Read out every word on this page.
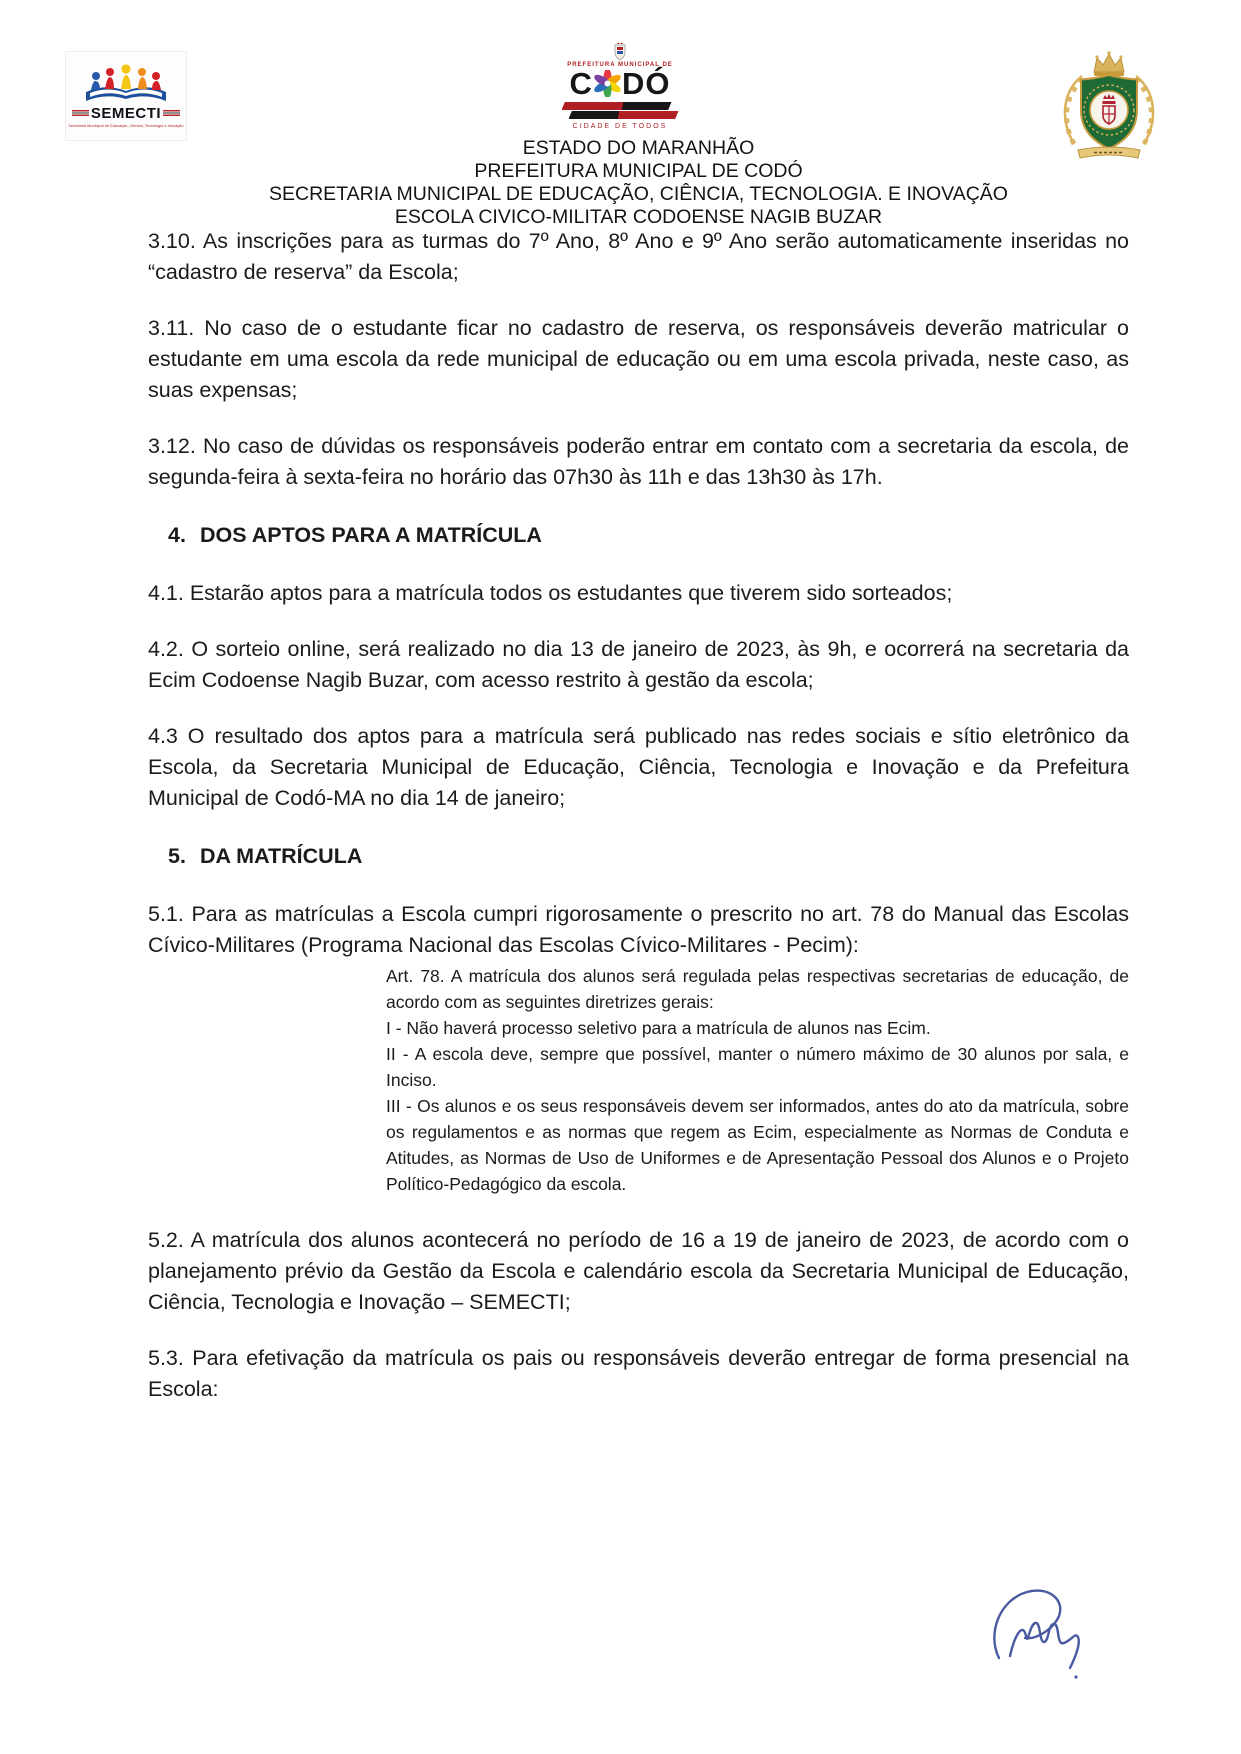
SEMECTI
Secretaria Municipal de Educação, Ciência, Tecnologia e Inovação
PREFEITURA MUNICIPAL DE
C DÓ
CIDADE DE TODOS
ESTADO DO MARANHÃO
PREFEITURA MUNICIPAL DE CODÓ
SECRETARIA MUNICIPAL DE EDUCAÇÃO, CIÊNCIA, TECNOLOGIA. E INOVAÇÃO
ESCOLA CIVICO-MILITAR CODOENSE NAGIB BUZAR

3.10. As inscrições para as turmas do 7º Ano, 8º Ano e 9º Ano serão automaticamente inseridas no “cadastro de reserva” da Escola;

3.11. No caso de o estudante ficar no cadastro de reserva, os responsáveis deverão matricular o estudante em uma escola da rede municipal de educação ou em uma escola privada, neste caso, as suas expensas;

3.12. No caso de dúvidas os responsáveis poderão entrar em contato com a secretaria da escola, de segunda-feira à sexta-feira no horário das 07h30 às 11h e das 13h30 às 17h.

4. DOS APTOS PARA A MATRÍCULA

4.1. Estarão aptos para a matrícula todos os estudantes que tiverem sido sorteados;

4.2. O sorteio online, será realizado no dia 13 de janeiro de 2023, às 9h, e ocorrerá na secretaria da Ecim Codoense Nagib Buzar, com acesso restrito à gestão da escola;

4.3 O resultado dos aptos para a matrícula será publicado nas redes sociais e sítio eletrônico da Escola, da Secretaria Municipal de Educação, Ciência, Tecnologia e Inovação e da Prefeitura Municipal de Codó-MA no dia 14 de janeiro;

5. DA MATRÍCULA

5.1. Para as matrículas a Escola cumpri rigorosamente o prescrito no art. 78 do Manual das Escolas Cívico-Militares (Programa Nacional das Escolas Cívico-Militares - Pecim):

Art. 78. A matrícula dos alunos será regulada pelas respectivas secretarias de educação, de acordo com as seguintes diretrizes gerais:

I - Não haverá processo seletivo para a matrícula de alunos nas Ecim.

II - A escola deve, sempre que possível, manter o número máximo de 30 alunos por sala, e Inciso.

III - Os alunos e os seus responsáveis devem ser informados, antes do ato da matrícula, sobre os regulamentos e as normas que regem as Ecim, especialmente as Normas de Conduta e Atitudes, as Normas de Uso de Uniformes e de Apresentação Pessoal dos Alunos e o Projeto Político-Pedagógico da escola.

5.2. A matrícula dos alunos acontecerá no período de 16 a 19 de janeiro de 2023, de acordo com o planejamento prévio da Gestão da Escola e calendário escola da Secretaria Municipal de Educação, Ciência, Tecnologia e Inovação – SEMECTI;

5.3. Para efetivação da matrícula os pais ou responsáveis deverão entregar de forma presencial na Escola:
